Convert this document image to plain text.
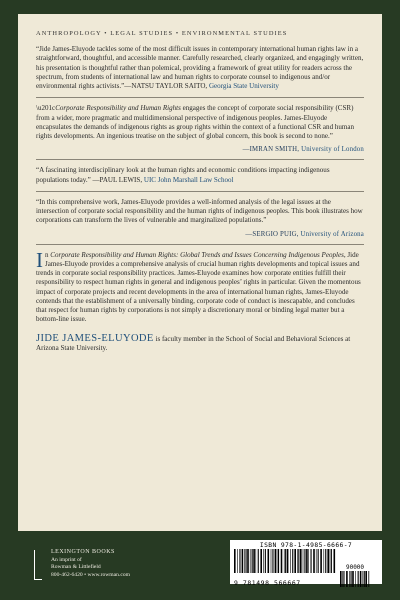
ANTHROPOLOGY • LEGAL STUDIES • ENVIRONMENTAL STUDIES

“Jide James-Eluyode tackles some of the most difficult issues in contemporary international human rights law in a straightforward, thoughtful, and accessible manner. Carefully researched, clearly organized, and engagingly written, his presentation is thoughtful rather than polemical, providing a framework of great utility for readers across the spectrum, from students of international law and human rights to corporate counsel to indigenous and/or environmental rights activists.”—NATSU TAYLOR SAITO, Georgia State University

\u201cCorporate Responsibility and Human Rights engages the concept of corporate social responsibility (CSR) from a wider, more pragmatic and multidimensional perspective of indigenous peoples. James-Eluyode encapsulates the demands of indigenous rights as group rights within the context of a functional CSR and human rights developments. An ingenious treatise on the subject of global concern, this book is second to none.”

—IMRAN SMITH, University of London

“A fascinating interdisciplinary look at the human rights and economic conditions impacting indigenous populations today.” —PAUL LEWIS, UIC John Marshall Law School

“In this comprehensive work, James-Eluyode provides a well-informed analysis of the legal issues at the intersection of corporate social responsibility and the human rights of indigenous peoples. This book illustrates how corporations can transform the lives of vulnerable and marginalized populations.”

—SERGIO PUIG, University of Arizona

In Corporate Responsibility and Human Rights: Global Trends and Issues Concerning Indigenous Peoples, Jide James-Eluyode provides a comprehensive analysis of crucial human rights developments and topical issues and trends in corporate social responsibility practices. James-Eluyode examines how corporate entities fulfill their responsibility to respect human rights in general and indigenous peoples’ rights in particular. Given the momentous impact of corporate projects and recent developments in the area of international human rights, James-Eluyode contends that the establishment of a universally binding, corporate code of conduct is inescapable, and concludes that respect for human rights by corporations is not simply a discretionary moral or binding legal matter but a bottom-line issue.

JIDE JAMES-ELUYODE is faculty member in the School of Social and Behavioral Sciences at Arizona State University.

LEXINGTON BOOKS
An imprint of
Rowman & Littlefield
800-462-6420 • www.rowman.com
ISBN 978-1-4985-6666-7
9 781498 566667
90000
